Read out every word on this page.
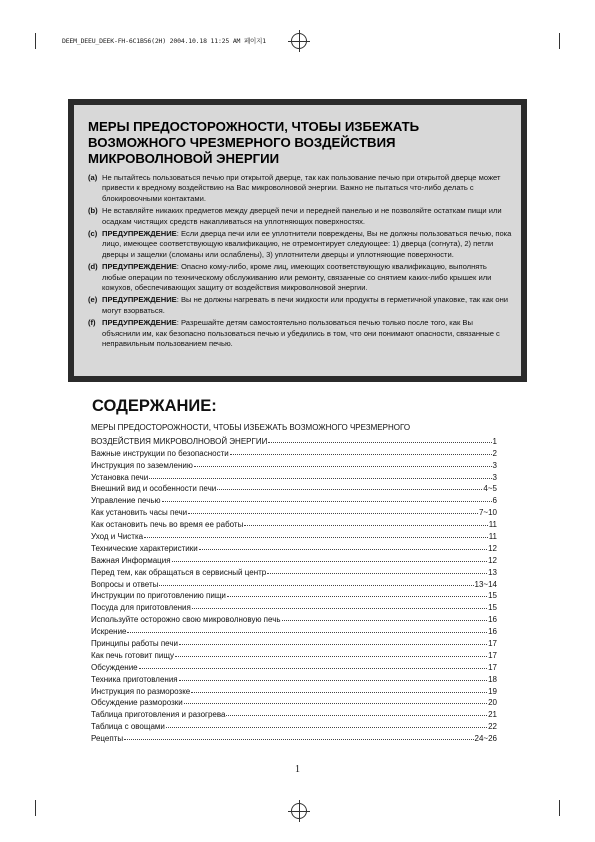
DEEM_DEEU_DEEK-FH-6C1B56(2H) 2004.10.18 11:25 AM 페이지1
МЕРЫ ПРЕДОСТОРОЖНОСТИ, ЧТОБЫ ИЗБЕЖАТЬ ВОЗМОЖНОГО ЧРЕЗМЕРНОГО ВОЗДЕЙСТВИЯ МИКРОВОЛНОВОЙ ЭНЕРГИИ
(a) Не пытайтесь пользоваться печью при открытой дверце, так как пользование печью при открытой дверце может привести к вредному воздействию на Вас микроволновой энергии. Важно не пытаться что-либо делать с блокировочными контактами.
(b) Не вставляйте никаких предметов между дверцей печи и передней панелью и не позволяйте остаткам пищи или осадкам чистящих средств накапливаться на уплотняющих поверхностях.
(c) ПРЕДУПРЕЖДЕНИЕ: Если дверца печи или ее уплотнители повреждены, Вы не должны пользоваться печью, пока лицо, имеющее соответствующую квалификацию, не отремонтирует следующее: 1) дверца (согнута), 2) петли дверцы и защелки (сломаны или ослаблены), 3) уплотнители дверцы и уплотняющие поверхности.
(d) ПРЕДУПРЕЖДЕНИЕ: Опасно кому-либо, кроме лиц, имеющих соответствующую квалификацию, выполнять любые операции по техническому обслуживанию или ремонту, связанные со снятием каких-либо крышек или кожухов, обеспечивающих защиту от воздействия микроволновой энергии.
(e) ПРЕДУПРЕЖДЕНИЕ: Вы не должны нагревать в печи жидкости или продукты в герметичной упаковке, так как они могут взорваться.
(f) ПРЕДУПРЕЖДЕНИЕ: Разрешайте детям самостоятельно пользоваться печью только после того, как Вы объяснили им, как безопасно пользоваться печью и убедились в том, что они понимают опасности, связанные с неправильным пользованием печью.
СОДЕРЖАНИЕ:
МЕРЫ ПРЕДОСТОРОЖНОСТИ, ЧТОБЫ ИЗБЕЖАТЬ ВОЗМОЖНОГО ЧРЕЗМЕРНОГО
ВОЗДЕЙСТВИЯ МИКРОВОЛНОВОЙ ЭНЕРГИИ	1
Важные инструкции по безопасности	2
Инструкция по заземлению	3
Установка печи	3
Внешний вид и особенности печи	4~5
Управление печью	6
Как установить часы печи	7~10
Как остановить печь во время ее работы	11
Уход и Чистка	11
Технические характеристики	12
Важная Информация	12
Перед тем, как обращаться в сервисный центр	13
Вопросы и ответы	13~14
Инструкции по приготовлению пищи	15
Посуда для приготовления	15
Используйте осторожно свою микроволновую печь	16
Искрение	16
Принципы работы печи	17
Как печь готовит пищу	17
Обсуждение	17
Техника приготовления	18
Инструкция по разморозке	19
Обсуждение разморозки	20
Таблица приготовления и разогрева	21
Таблица с овощами	22
Рецепты	24~26
1
